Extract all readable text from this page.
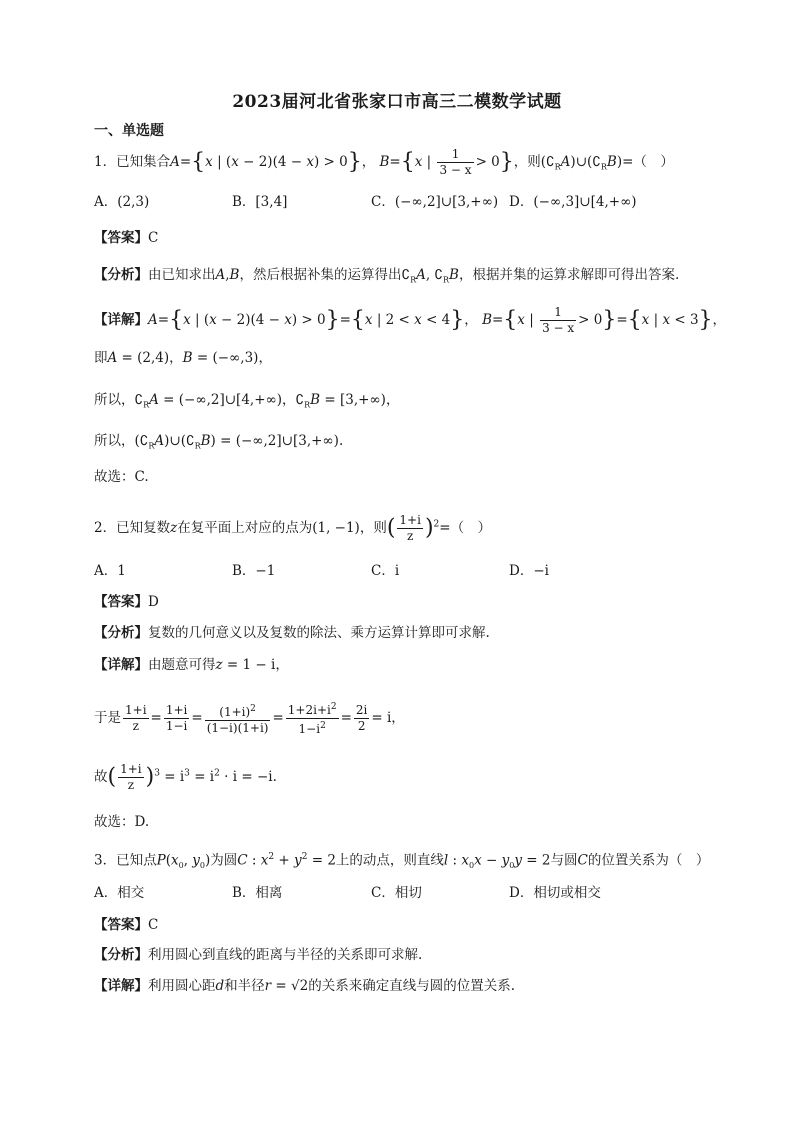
2023届河北省张家口市高三二模数学试题
一、单选题
1．已知集合A={x | (x − 2)(4 − x) > 0}， B={x | $\frac{1}{3 - x} > 0$}，则$(∁_RA)\cup(∁_RB)=$（　）
A．(2,3)	B．[3,4]	C．(−∞,2]∪[3,+∞) D．(−∞,3]∪[4,+∞)
【答案】C
【分析】由已知求出A,B，然后根据补集的运算得出$∁_RA$, $∁_RB$，根据并集的运算求解即可得出答案.
【详解】A={x | (x − 2)(4 − x) > 0}={x | 2 < x < 4}， B={x | $\frac{1}{3 - x} > 0\}=\{x$ | x < 3}，
即A = (2,4)，B = (−∞,3)，
所以，$∁_RA$ = (−∞,2]∪[4,+∞)，$∁_RB = [3,+\infty)$，
所以，$(∁_RA)\cup(∁_RB)$ = (−∞,2]∪[3,+∞).
故选：C.
2．已知复数z在复平面上对应的点为(1, −1)，则( $\frac{1+i}{z} )^2=$（　）
A．1	B．−1	C．i	D．−i
【答案】D
【分析】复数的几何意义以及复数的除法、乘方运算计算即可求解.
【详解】由题意可得z = 1 − i，
于是 $\frac{1+i}{z} = \frac{1+i}{1-i} = \frac{(1+i)^2}{(1-i)(1+i)} = \frac{1+2i+i^2}{1-i^2} = \frac{2i}{2} = i$，
故( $\frac{1+i}{z} )^3 = i^3 = i^2 \cdot i = -i$.
故选：D.
3．已知点$P(x_0$, $y_0$)为圆C : $x^2 + y^2 = 2$上的动点，则直线l : $x_0x - y_0y = 2$与圆C的位置关系为（　）
A．相交	B．相离	C．相切	D．相切或相交
【答案】C
【分析】利用圆心到直线的距离与半径的关系即可求解.
【详解】利用圆心距d和半径r = √2的关系来确定直线与圆的位置关系.
